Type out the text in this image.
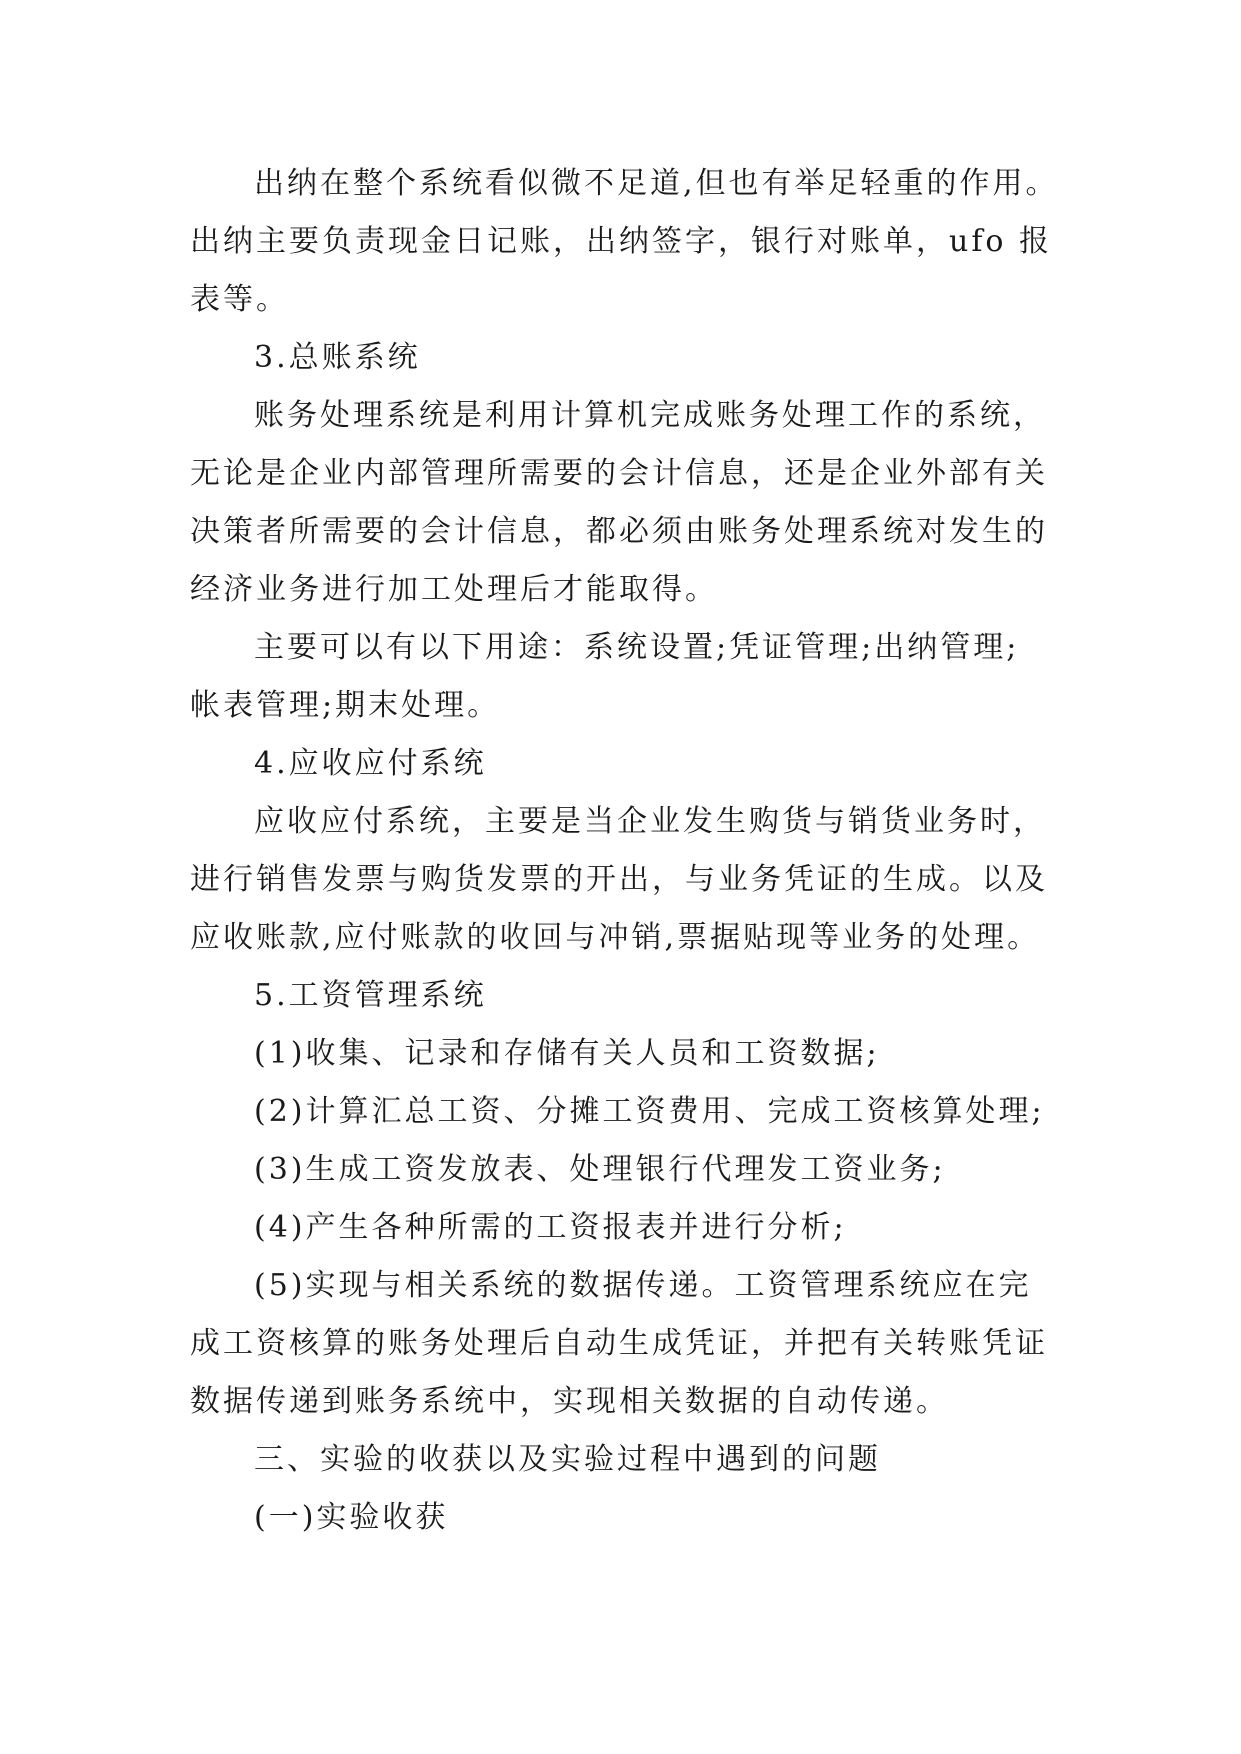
出纳在整个系统看似微不足道,但也有举足轻重的作用。
出纳主要负责现金日记账，出纳签字，银行对账单，ufo 报
表等。
3.总账系统
账务处理系统是利用计算机完成账务处理工作的系统，
无论是企业内部管理所需要的会计信息，还是企业外部有关
决策者所需要的会计信息，都必须由账务处理系统对发生的
经济业务进行加工处理后才能取得。
主要可以有以下用途：系统设置;凭证管理;出纳管理;
帐表管理;期末处理。
4.应收应付系统
应收应付系统，主要是当企业发生购货与销货业务时，
进行销售发票与购货发票的开出，与业务凭证的生成。以及
应收账款,应付账款的收回与冲销,票据贴现等业务的处理。
5.工资管理系统
(1)收集、记录和存储有关人员和工资数据;
(2)计算汇总工资、分摊工资费用、完成工资核算处理;
(3)生成工资发放表、处理银行代理发工资业务;
(4)产生各种所需的工资报表并进行分析;
(5)实现与相关系统的数据传递。工资管理系统应在完
成工资核算的账务处理后自动生成凭证，并把有关转账凭证
数据传递到账务系统中，实现相关数据的自动传递。
三、实验的收获以及实验过程中遇到的问题
(一)实验收获
